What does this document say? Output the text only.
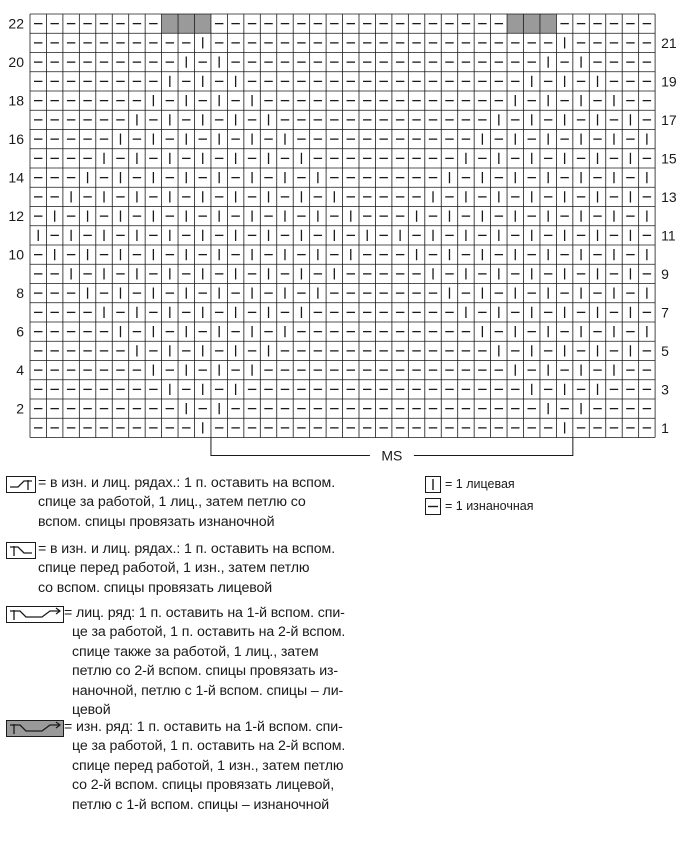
22
20
18
16
14
12
10
8
6
4
2
21
19
17
15
13
11
9
7
5
3
1
MS
= в изн. и лиц. рядах.: 1 п. оставить на вспом.
спице за работой, 1 лиц., затем петлю со
вспом. спицы провязать изнаночной
= в изн. и лиц. рядах.: 1 п. оставить на вспом.
спице перед работой, 1 изн., затем петлю
со вспом. спицы провязать лицевой
= лиц. ряд: 1 п. оставить на 1-й вспом. спи-
це за работой, 1 п. оставить на 2-й вспом.
спице также за работой, 1 лиц., затем
петлю со 2-й вспом. спицы провязать из-
наночной, петлю с 1-й вспом. спицы – ли-
цевой
= изн. ряд: 1 п. оставить на 1-й вспом. спи-
це за работой, 1 п. оставить на 2-й вспом.
спице перед работой, 1 изн., затем петлю
со 2-й вспом. спицы провязать лицевой,
петлю с 1-й вспом. спицы – изнаночной
= 1 лицевая
= 1 изнаночная
